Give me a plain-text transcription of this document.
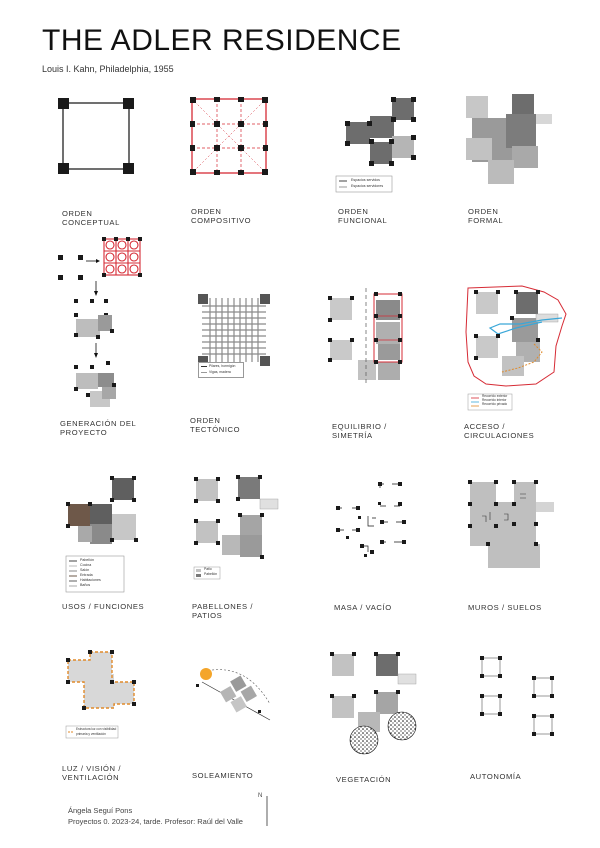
THE ADLER RESIDENCE
Louis I. Kahn, Philadelphia, 1955
ORDEN
CONCEPTUAL
ORDEN
COMPOSITIVO
Espacios servidos
Espacios servidores
ORDEN
FUNCIONAL
ORDEN
FORMAL
GENERACIÓN DEL
PROYECTO
Pilares, hormigón
Vigas, madera
ORDEN
TECTÓNICO	EQUILIBRIO /
SIMETRÍA
Recorrido exterior
Recorrido interior
Recorrido privado
ACCESO /
CIRCULACIONES
Pabellón
Cocina
Salón
Entrada
Habitaciones
Baños
USOS / FUNCIONES
Patio
Pabellón
PABELLONES /
PATIOS
MASA / VACÍO	MUROS / SUELOS
Estructura luz con visibilidad
primaria y ventilación
LUZ / VISIÓN /
VENTILACIÓN	SOLEAMIENTO	VEGETACIÓN	AUTONOMÍA
N
Ángela Seguí Pons
Proyectos 0. 2023-24, tarde. Profesor: Raúl del Valle
